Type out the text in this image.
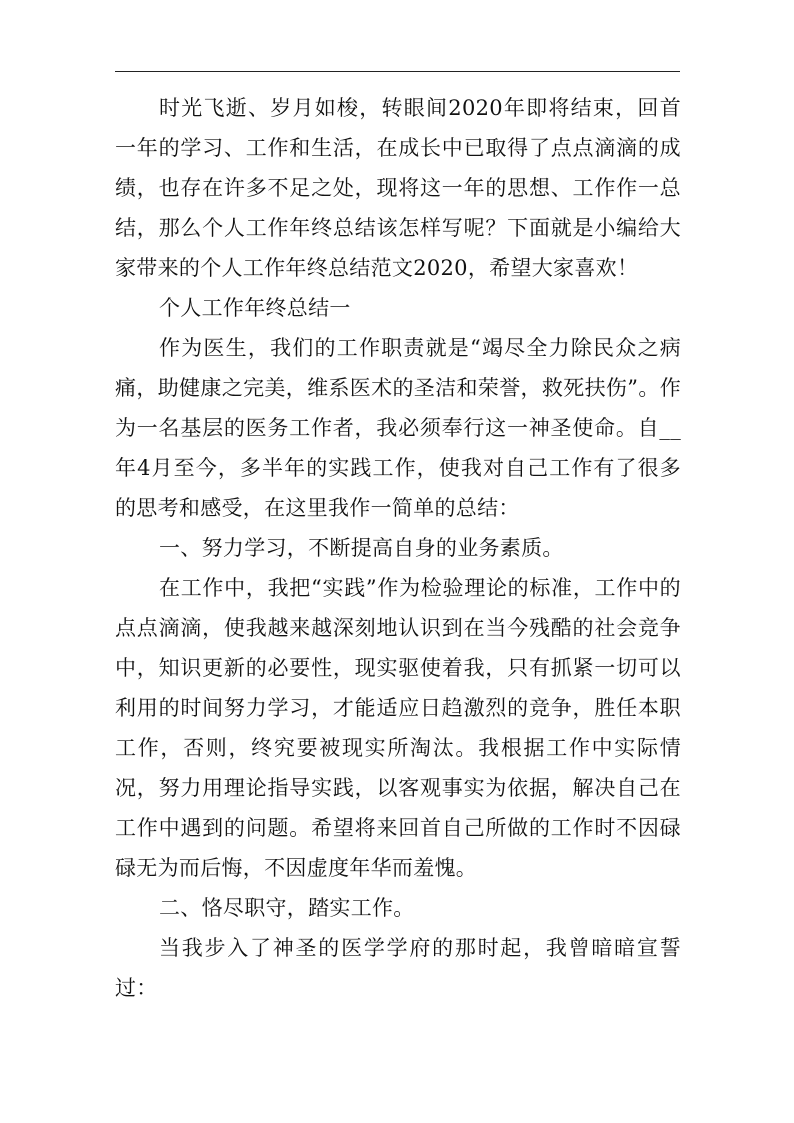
时光飞逝、岁月如梭，转眼间2020年即将结束，回首一年的学习、工作和生活，在成长中已取得了点点滴滴的成绩，也存在许多不足之处，现将这一年的思想、工作作一总结，那么个人工作年终总结该怎样写呢？下面就是小编给大家带来的个人工作年终总结范文2020，希望大家喜欢！

个人工作年终总结一

作为医生，我们的工作职责就是“竭尽全力除民众之病痛，助健康之完美，维系医术的圣洁和荣誉，救死扶伤”。作为一名基层的医务工作者，我必须奉行这一神圣使命。自__年4月至今，多半年的实践工作，使我对自己工作有了很多的思考和感受，在这里我作一简单的总结：

一、努力学习，不断提高自身的业务素质。

在工作中，我把“实践”作为检验理论的标准，工作中的点点滴滴，使我越来越深刻地认识到在当今残酷的社会竞争中，知识更新的必要性，现实驱使着我，只有抓紧一切可以利用的时间努力学习，才能适应日趋激烈的竞争，胜任本职工作，否则，终究要被现实所淘汰。我根据工作中实际情况，努力用理论指导实践，以客观事实为依据，解决自己在工作中遇到的问题。希望将来回首自己所做的工作时不因碌碌无为而后悔，不因虚度年华而羞愧。

二、恪尽职守，踏实工作。

当我步入了神圣的医学学府的那时起，我曾暗暗宣誓过：
